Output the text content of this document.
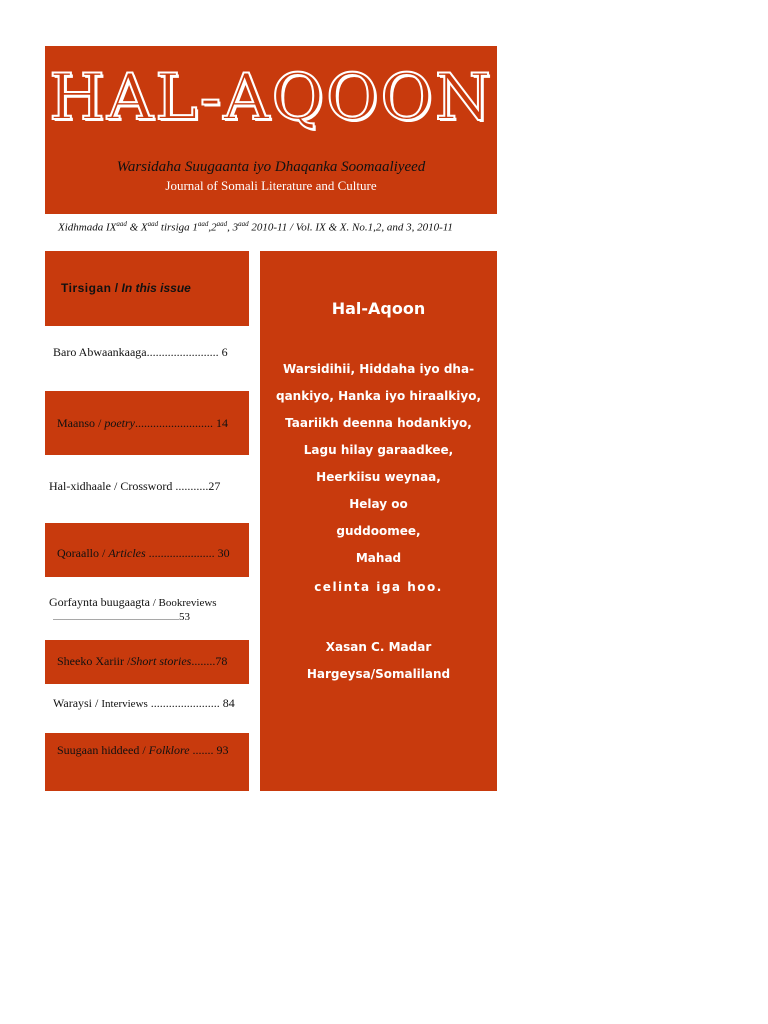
HAL-AQOON
Warsidaha Suugaanta iyo Dhaqanka Soomaaliyeed
Journal of Somali Literature and Culture
Xidhmada $IX^{aad}$ & $X^{aad}$ tirsiga $1^{aad},2^{aad}$, $3^{aad}$ 2010-11 / Vol. IX & X. No.1,2, and 3, 2010-11
Tirsigan / In this issue
Baro Abwaankaaga........................ 6
Maanso / poetry.......................... 14
Hal-xidhaale / Crossword ...........27
Qoraallo / Articles ...................... 30
Gorfaynta buugaagta / Bookreviews
...............................................................53
Sheeko Xariir /Short stories........78
Waraysi / Interviews ....................... 84
Suugaan hiddeed / Folklore ....... 93
Hal-Aqoon
Warsidihii, Hiddaha iyo dha-
qankiyo, Hanka iyo hiraalkiyo,
Taariikh deenna hodankiyo,
Lagu hilay garaadkee,
Heerkiisu weynaa,
Helay oo
guddoomee,
Mahad
celinta iga hoo.
Xasan C. Madar
Hargeysa/Somaliland
